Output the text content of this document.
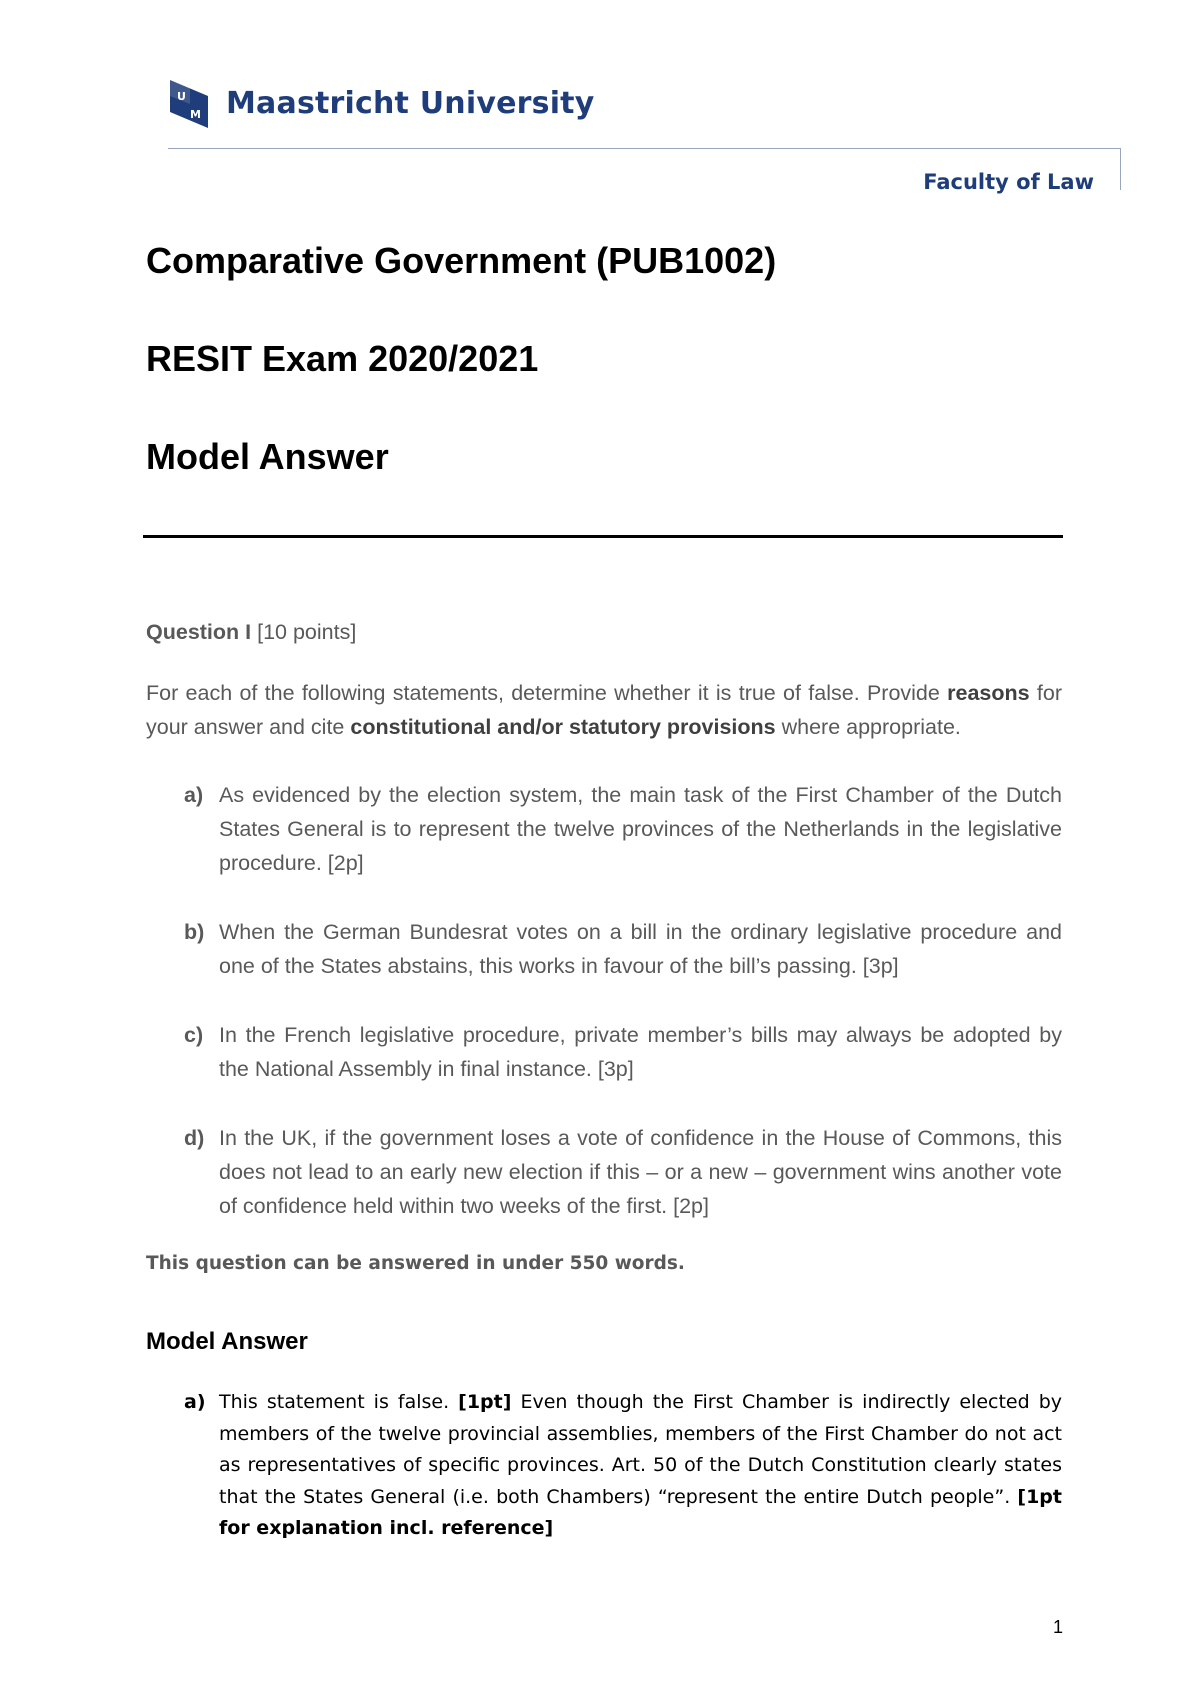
U
M Maastricht University
Faculty of Law
Comparative Government (PUB1002)
RESIT Exam 2020/2021
Model Answer
Question I [10 points]
For each of the following statements, determine whether it is true of false. Provide reasons for your answer and cite constitutional and/or statutory provisions where appropriate.
a) As evidenced by the election system, the main task of the First Chamber of the Dutch States General is to represent the twelve provinces of the Netherlands in the legislative procedure. [2p]
b) When the German Bundesrat votes on a bill in the ordinary legislative procedure and one of the States abstains, this works in favour of the bill’s passing. [3p]
c) In the French legislative procedure, private member’s bills may always be adopted by the National Assembly in final instance. [3p]
d) In the UK, if the government loses a vote of confidence in the House of Commons, this does not lead to an early new election if this – or a new – government wins another vote of confidence held within two weeks of the first. [2p]
This question can be answered in under 550 words.
Model Answer
a) This statement is false. [1pt] Even though the First Chamber is indirectly elected by members of the twelve provincial assemblies, members of the First Chamber do not act as representatives of specific provinces. Art. 50 of the Dutch Constitution clearly states that the States General (i.e. both Chambers) “represent the entire Dutch people”. [1pt for explanation incl. reference]
1
